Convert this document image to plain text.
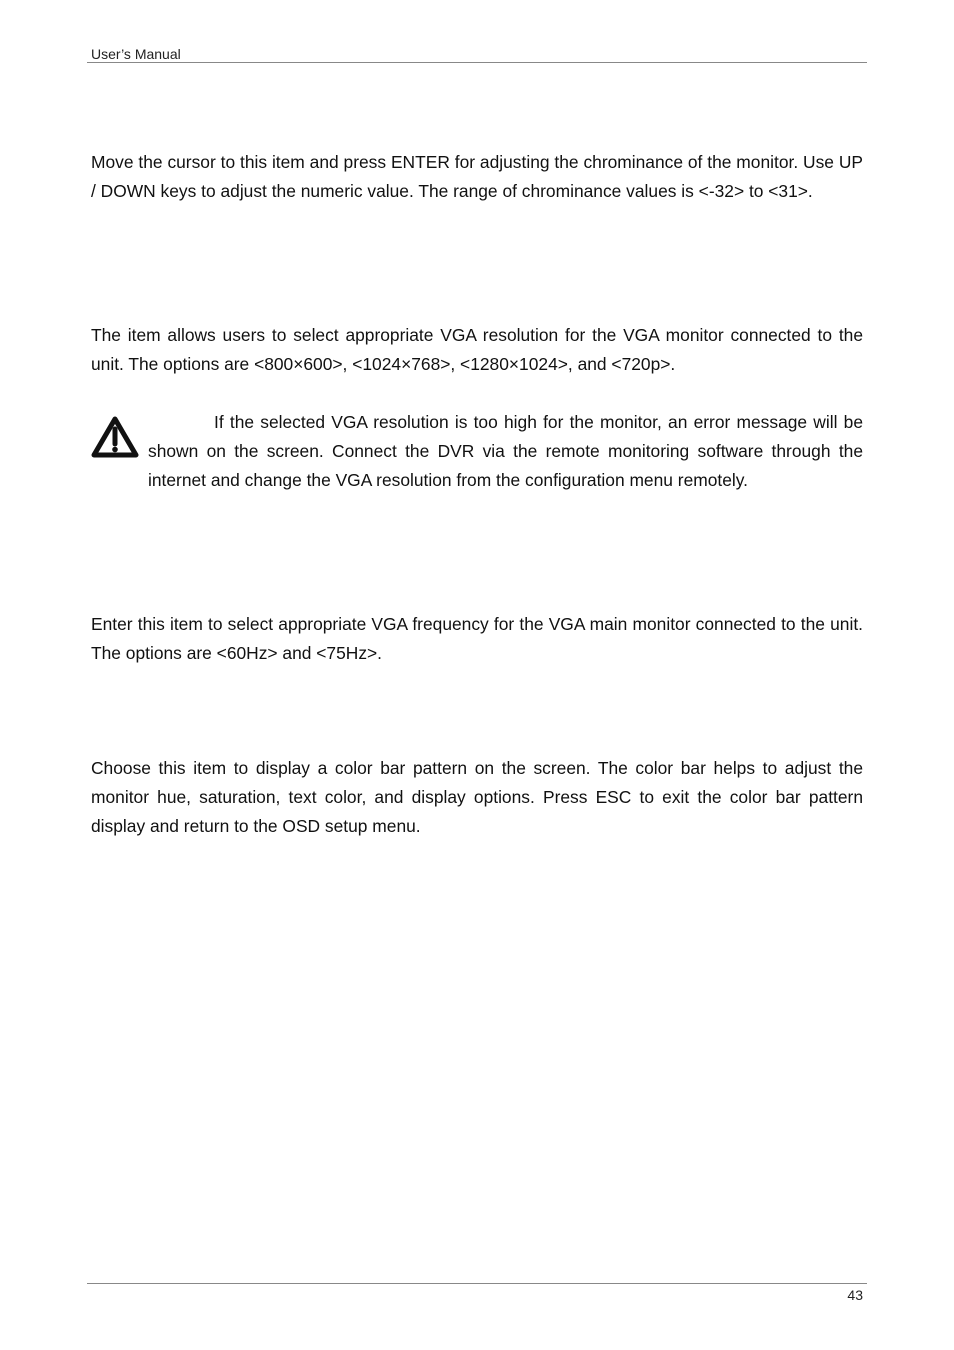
User’s Manual

Move the cursor to this item and press ENTER for adjusting the chrominance of the monitor. Use UP / DOWN keys to adjust the numeric value. The range of chrominance values is <-32> to <31>.

The item allows users to select appropriate VGA resolution for the VGA monitor connected to the unit. The options are <800×600>, <1024×768>, <1280×1024>, and <720p>.

If the selected VGA resolution is too high for the monitor, an error message will be shown on the screen. Connect the DVR via the remote monitoring software through the internet and change the VGA resolution from the configuration menu remotely.

Enter this item to select appropriate VGA frequency for the VGA main monitor connected to the unit. The options are <60Hz> and <75Hz>.

Choose this item to display a color bar pattern on the screen. The color bar helps to adjust the monitor hue, saturation, text color, and display options. Press ESC to exit the color bar pattern display and return to the OSD setup menu.

43
